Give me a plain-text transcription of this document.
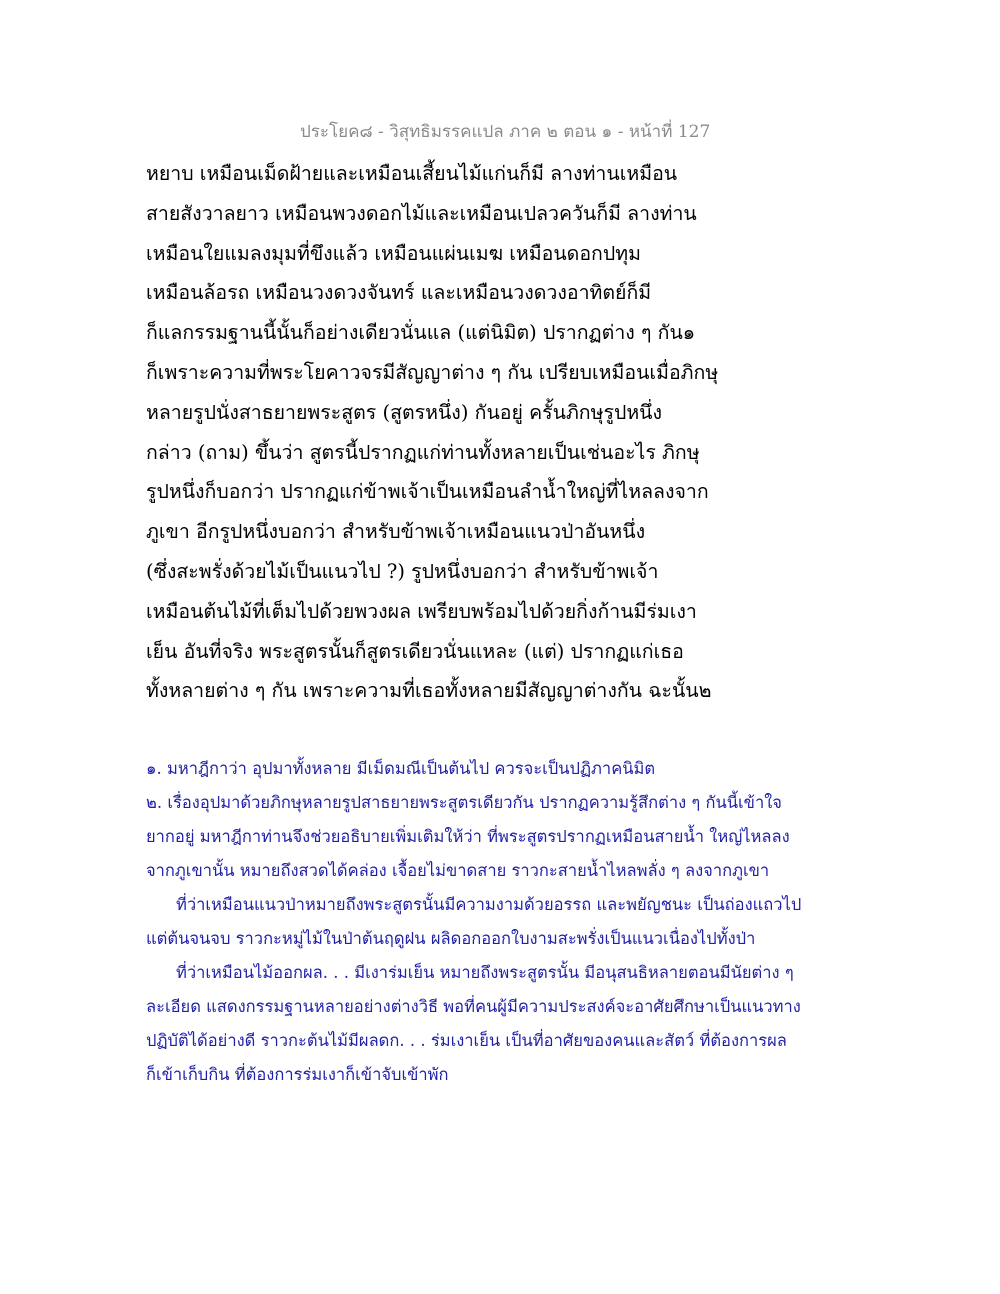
ประโยค๘ - วิสุทธิมรรคแปล ภาค ๒ ตอน ๑ - หน้าที่ 127
หยาบ เหมือนเม็ดฝ้ายและเหมือนเสี้ยนไม้แก่นก็มี ลางท่านเหมือน
สายสังวาลยาว เหมือนพวงดอกไม้และเหมือนเปลวควันก็มี ลางท่าน
เหมือนใยแมลงมุมที่ขึงแล้ว เหมือนแผ่นเมฆ เหมือนดอกปทุม
เหมือนล้อรถ เหมือนวงดวงจันทร์ และเหมือนวงดวงอาทิตย์ก็มี
ก็แลกรรมฐานนี้นั้นก็อย่างเดียวนั่นแล (แต่นิมิต) ปรากฏต่าง ๆ กัน๑
ก็เพราะความที่พระโยคาวจรมีสัญญาต่าง ๆ กัน เปรียบเหมือนเมื่อภิกษุ
หลายรูปนั่งสาธยายพระสูตร (สูตรหนึ่ง) กันอยู่ ครั้นภิกษุรูปหนึ่ง
กล่าว (ถาม) ขึ้นว่า สูตรนี้ปรากฏแก่ท่านทั้งหลายเป็นเช่นอะไร ภิกษุ
รูปหนึ่งก็บอกว่า ปรากฏแก่ข้าพเจ้าเป็นเหมือนลำน้ำใหญ่ที่ไหลลงจาก
ภูเขา อีกรูปหนึ่งบอกว่า สำหรับข้าพเจ้าเหมือนแนวป่าอันหนึ่ง
(ซึ่งสะพรั่งด้วยไม้เป็นแนวไป ?) รูปหนึ่งบอกว่า สำหรับข้าพเจ้า
เหมือนต้นไม้ที่เต็มไปด้วยพวงผล เพรียบพร้อมไปด้วยกิ่งก้านมีร่มเงา
เย็น อันที่จริง พระสูตรนั้นก็สูตรเดียวนั่นแหละ (แต่) ปรากฏแก่เธอ
ทั้งหลายต่าง ๆ กัน เพราะความที่เธอทั้งหลายมีสัญญาต่างกัน ฉะนั้น๒
๑. มหาฎีกาว่า อุปมาทั้งหลาย มีเม็ดมณีเป็นต้นไป ควรจะเป็นปฏิภาคนิมิต
๒. เรื่องอุปมาด้วยภิกษุหลายรูปสาธยายพระสูตรเดียวกัน ปรากฏความรู้สึกต่าง ๆ กันนี้เข้าใจ
ยากอยู่ มหาฎีกาท่านจึงช่วยอธิบายเพิ่มเติมให้ว่า ที่พระสูตรปรากฏเหมือนสายน้ำ ใหญ่ไหลลง
จากภูเขานั้น หมายถึงสวดได้คล่อง เจื้อยไม่ขาดสาย ราวกะสายน้ำไหลพลั่ง ๆ ลงจากภูเขา
ที่ว่าเหมือนแนวป่าหมายถึงพระสูตรนั้นมีความงามด้วยอรรถ และพยัญชนะ เป็นถ่องแถวไป
แต่ต้นจนจบ ราวกะหมู่ไม้ในป่าต้นฤดูฝน ผลิดอกออกใบงามสะพรั่งเป็นแนวเนื่องไปทั้งป่า
ที่ว่าเหมือนไม้ออกผล. . . มีเงาร่มเย็น หมายถึงพระสูตรนั้น มีอนุสนธิหลายตอนมีนัยต่าง ๆ
ละเอียด แสดงกรรมฐานหลายอย่างต่างวิธี พอที่คนผู้มีความประสงค์จะอาศัยศึกษาเป็นแนวทาง
ปฏิบัติได้อย่างดี ราวกะต้นไม้มีผลดก. . . ร่มเงาเย็น เป็นที่อาศัยของคนและสัตว์ ที่ต้องการผล
ก็เข้าเก็บกิน ที่ต้องการร่มเงาก็เข้าจับเข้าพัก
